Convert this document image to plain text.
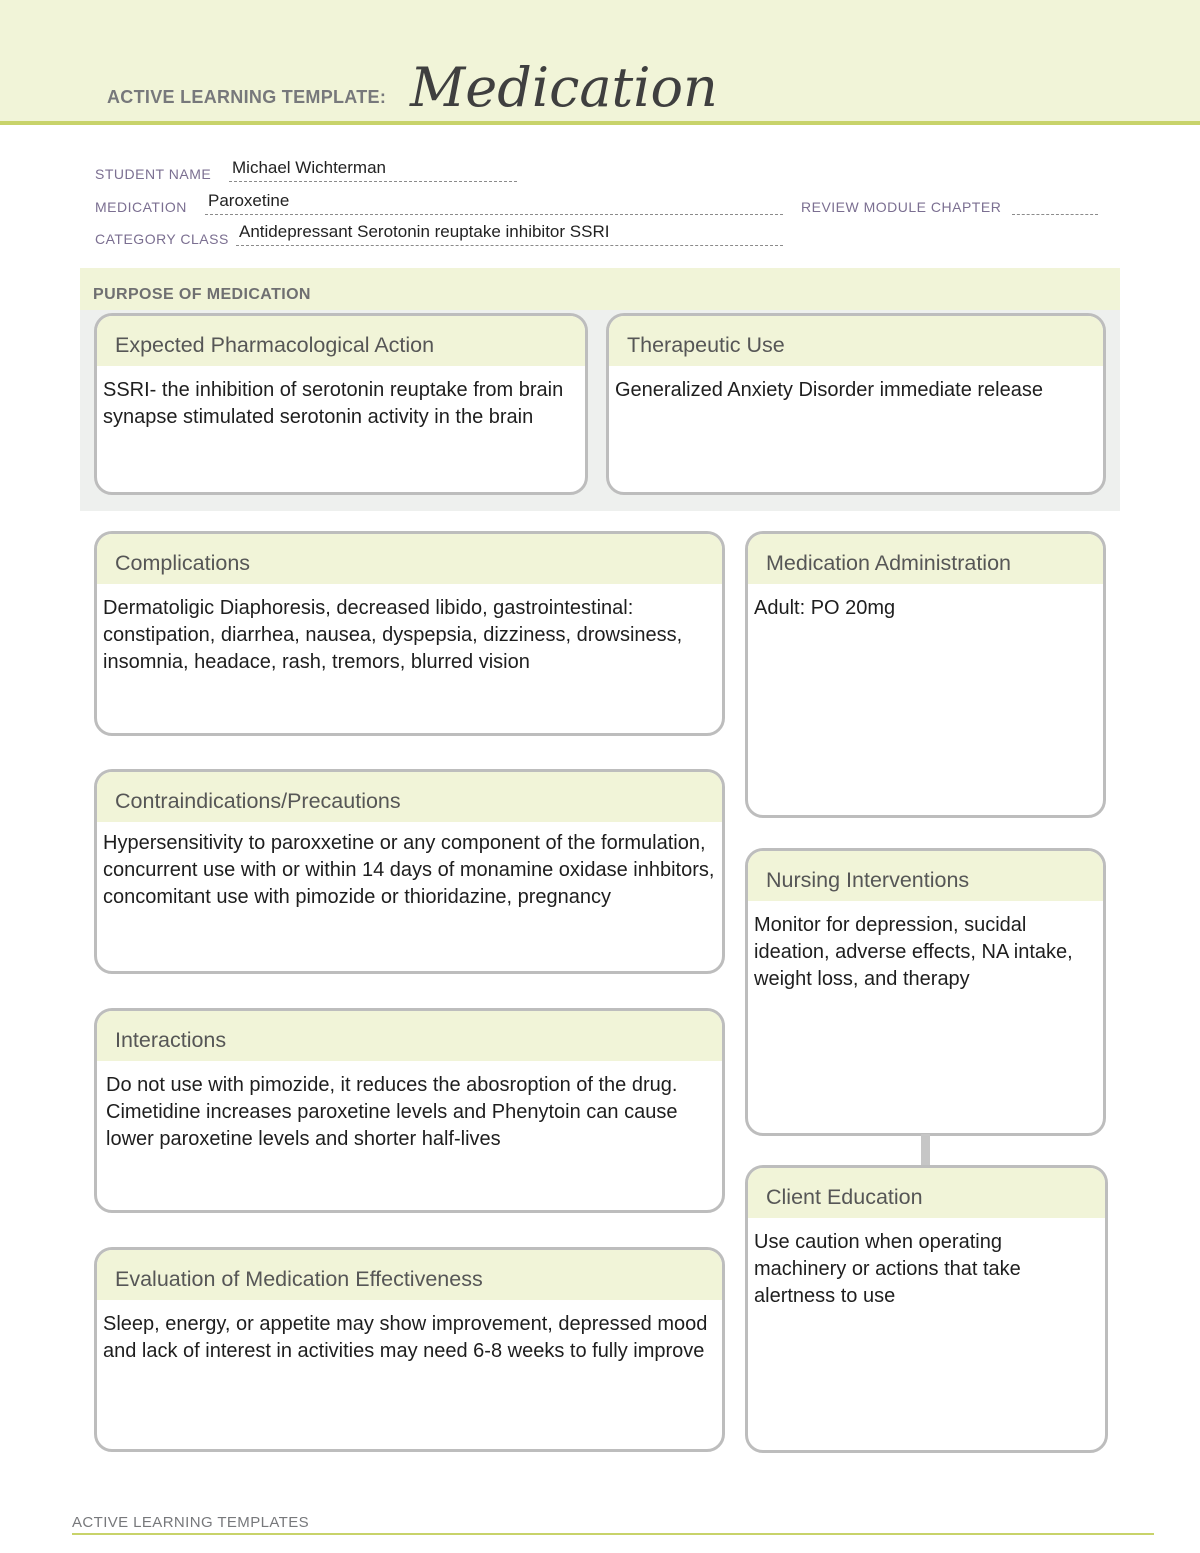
ACTIVE LEARNING TEMPLATE: Medication
STUDENT NAME Michael Wichterman
MEDICATION Paroxetine	REVIEW MODULE CHAPTER
CATEGORY CLASS Antidepressant Serotonin reuptake inhibitor SSRI
PURPOSE OF MEDICATION
Expected Pharmacological Action
SSRI- the inhibition of serotonin reuptake from brain synapse stimulated serotonin activity in the brain
Therapeutic Use
Generalized Anxiety Disorder immediate release
Complications
Dermatoligic Diaphoresis, decreased libido, gastrointestinal: constipation, diarrhea, nausea, dyspepsia, dizziness, drowsiness, insomnia, headace, rash, tremors, blurred vision
Contraindications/Precautions
Hypersensitivity to paroxxetine or any component of the formulation, concurrent use with or within 14 days of monamine oxidase inhbitors, concomitant use with pimozide or thioridazine, pregnancy
Interactions
Do not use with pimozide, it reduces the abosroption of the drug. Cimetidine increases paroxetine levels and Phenytoin can cause lower paroxetine levels and shorter half-lives
Evaluation of Medication Effectiveness
Sleep, energy, or appetite may show improvement, depressed mood and lack of interest in activities may need 6-8 weeks to fully improve
Medication Administration
Adult: PO 20mg
Nursing Interventions
Monitor for depression, sucidal ideation, adverse effects, NA intake, weight loss, and therapy
Client Education
Use caution when operating machinery or actions that take alertness to use
ACTIVE LEARNING TEMPLATES
